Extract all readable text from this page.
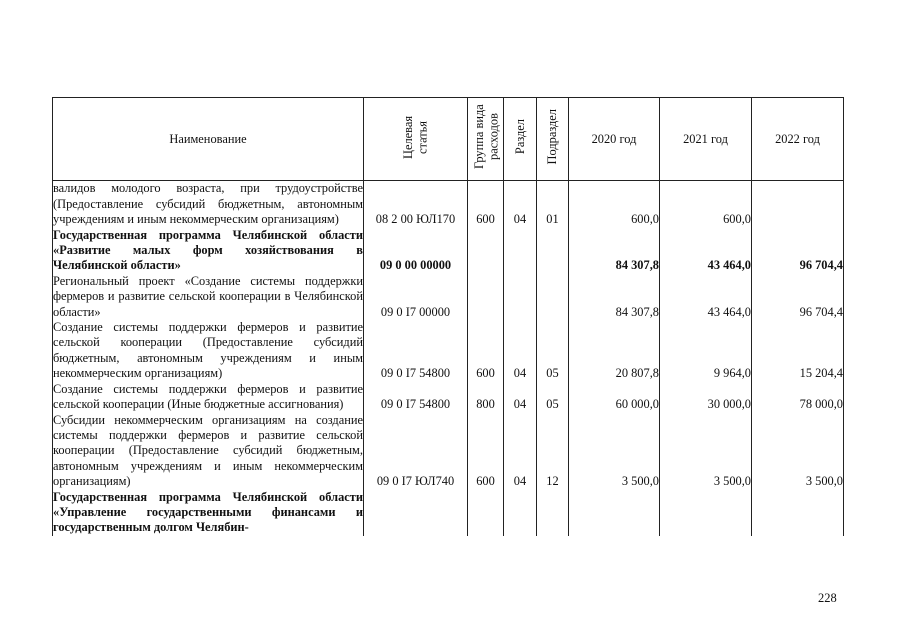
Наименование	Целевая статья	Группа вида расходов	Раздел	Подраздел	2020 год	2021 год	2022 год
валидов молодого возраста, при трудоустройстве (Предоставление субсидий бюджетным, автономным учреждениям и иным некоммерческим организациям)	08 2 00 ЮЛ170	600	04	01	600,0	600,0	
Государственная программа Челябинской области «Развитие малых форм хозяйствования в Челябинской области»	09 0 00 00000				84 307,8	43 464,0	96 704,4
Региональный проект «Создание системы поддержки фермеров и развитие сельской кооперации в Челябинской области»	09 0 I7 00000				84 307,8	43 464,0	96 704,4
Создание системы поддержки фермеров и развитие сельской кооперации (Предоставление субсидий бюджетным, автономным учреждениям и иным некоммерческим организациям)	09 0 I7 54800	600	04	05	20 807,8	9 964,0	15 204,4
Создание системы поддержки фермеров и развитие сельской кооперации (Иные бюджетные ассигнования)	09 0 I7 54800	800	04	05	60 000,0	30 000,0	78 000,0
Субсидии некоммерческим организациям на создание системы поддержки фермеров и развитие сельской кооперации (Предоставление субсидий бюджетным, автономным учреждениям и иным некоммерческим организациям)	09 0 I7 ЮЛ740	600	04	12	3 500,0	3 500,0	3 500,0
Государственная программа Челябинской области «Управление государственными финансами и государственным долгом Челябин-							
228
